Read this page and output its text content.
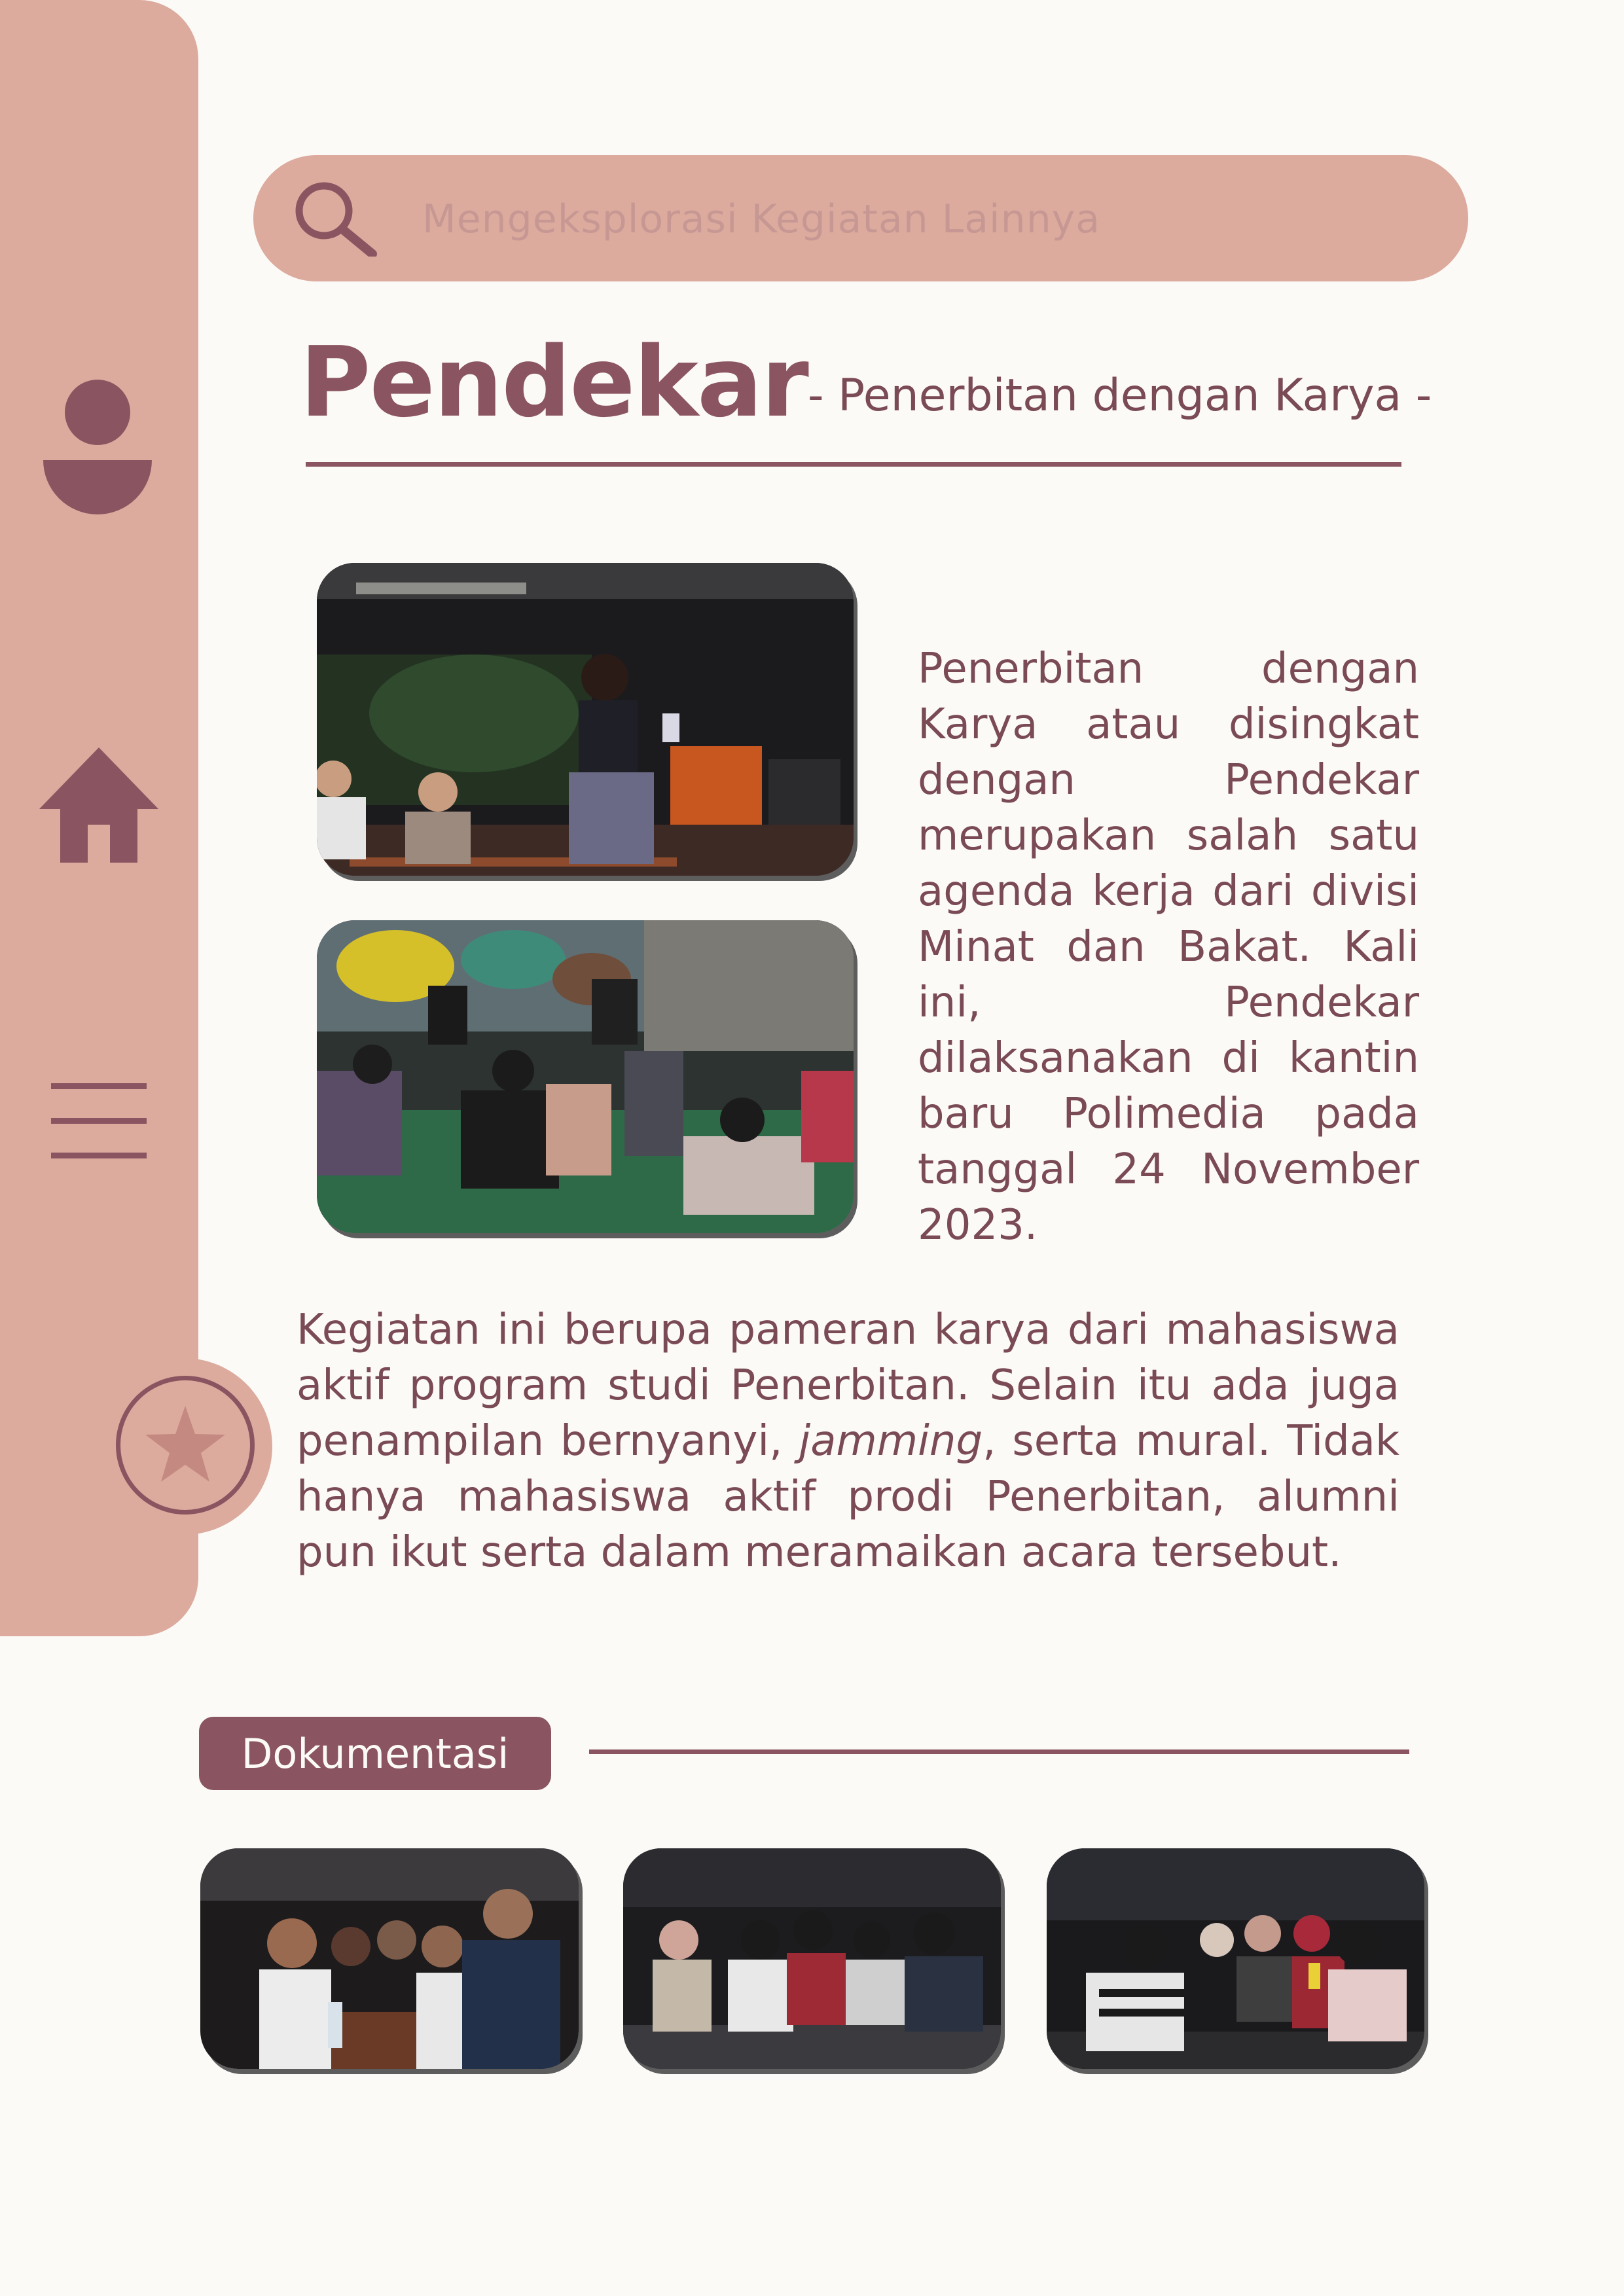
Mengeksplorasi Kegiatan Lainnya
Pendekar - Penerbitan dengan Karya -

Penerbitan dengan Karya atau disingkat dengan Pendekar merupakan salah satu agenda kerja dari divisi Minat dan Bakat. Kali ini, Pendekar dilaksanakan di kantin baru Polimedia pada tanggal 24 November 2023.

Kegiatan ini berupa pameran karya dari mahasiswa aktif program studi Penerbitan. Selain itu ada juga penampilan bernyanyi, jamming, serta mural. Tidak hanya mahasiswa aktif prodi Penerbitan, alumni pun ikut serta dalam meramaikan acara tersebut.

Dokumentasi
